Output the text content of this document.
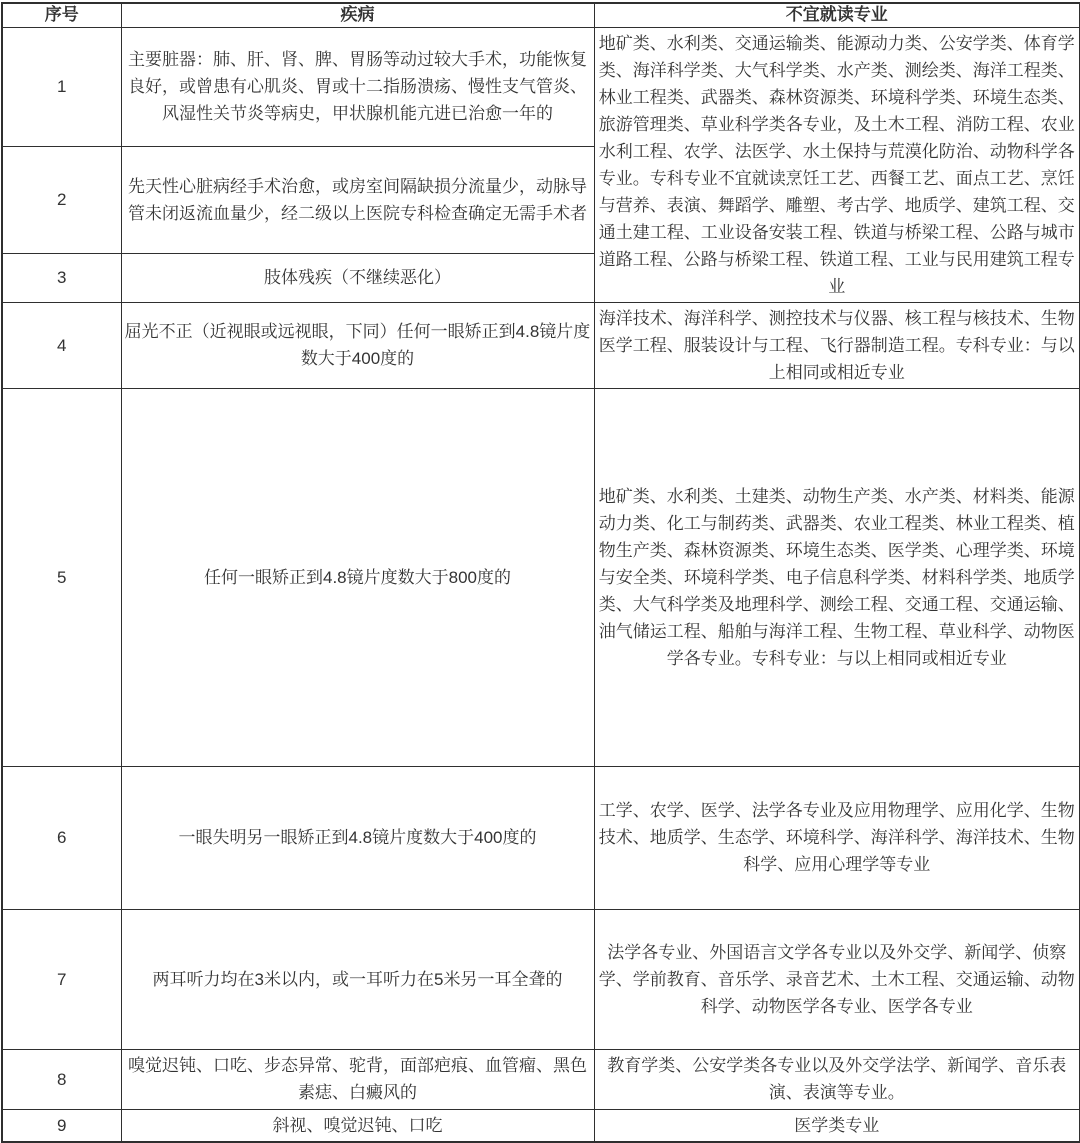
序号	疾病	不宜就读专业
1	主要脏器：肺、肝、肾、脾、胃肠等动过较大手术，功能恢复良好，或曾患有心肌炎、胃或十二指肠溃疡、慢性支气管炎、风湿性关节炎等病史，甲状腺机能亢进已治愈一年的	地矿类、水利类、交通运输类、能源动力类、公安学类、体育学类、海洋科学类、大气科学类、水产类、测绘类、海洋工程类、林业工程类、武器类、森林资源类、环境科学类、环境生态类、旅游管理类、草业科学类各专业，及土木工程、消防工程、农业水利工程、农学、法医学、水土保持与荒漠化防治、动物科学各专业。专科专业不宜就读烹饪工艺、西餐工艺、面点工艺、烹饪与营养、表演、舞蹈学、雕塑、考古学、地质学、建筑工程、交通土建工程、工业设备安装工程、铁道与桥梁工程、公路与城市道路工程、公路与桥梁工程、铁道工程、工业与民用建筑工程专业
2	先天性心脏病经手术治愈，或房室间隔缺损分流量少，动脉导管未闭返流血量少，经二级以上医院专科检查确定无需手术者	
3	肢体残疾（不继续恶化）	
4	屈光不正（近视眼或远视眼，下同）任何一眼矫正到4.8镜片度数大于400度的	海洋技术、海洋科学、测控技术与仪器、核工程与核技术、生物医学工程、服装设计与工程、飞行器制造工程。专科专业：与以上相同或相近专业
5	任何一眼矫正到4.8镜片度数大于800度的	地矿类、水利类、土建类、动物生产类、水产类、材料类、能源动力类、化工与制药类、武器类、农业工程类、林业工程类、植物生产类、森林资源类、环境生态类、医学类、心理学类、环境与安全类、环境科学类、电子信息科学类、材料科学类、地质学类、大气科学类及地理科学、测绘工程、交通工程、交通运输、油气储运工程、船舶与海洋工程、生物工程、草业科学、动物医学各专业。专科专业：与以上相同或相近专业
6	一眼失明另一眼矫正到4.8镜片度数大于400度的	工学、农学、医学、法学各专业及应用物理学、应用化学、生物技术、地质学、生态学、环境科学、海洋科学、海洋技术、生物科学、应用心理学等专业
7	两耳听力均在3米以内，或一耳听力在5米另一耳全聋的	法学各专业、外国语言文学各专业以及外交学、新闻学、侦察学、学前教育、音乐学、录音艺术、土木工程、交通运输、动物科学、动物医学各专业、医学各专业
8	嗅觉迟钝、口吃、步态异常、驼背，面部疤痕、血管瘤、黑色素痣、白癜风的	教育学类、公安学类各专业以及外交学法学、新闻学、音乐表演、表演等专业。
9	斜视、嗅觉迟钝、口吃	医学类专业
